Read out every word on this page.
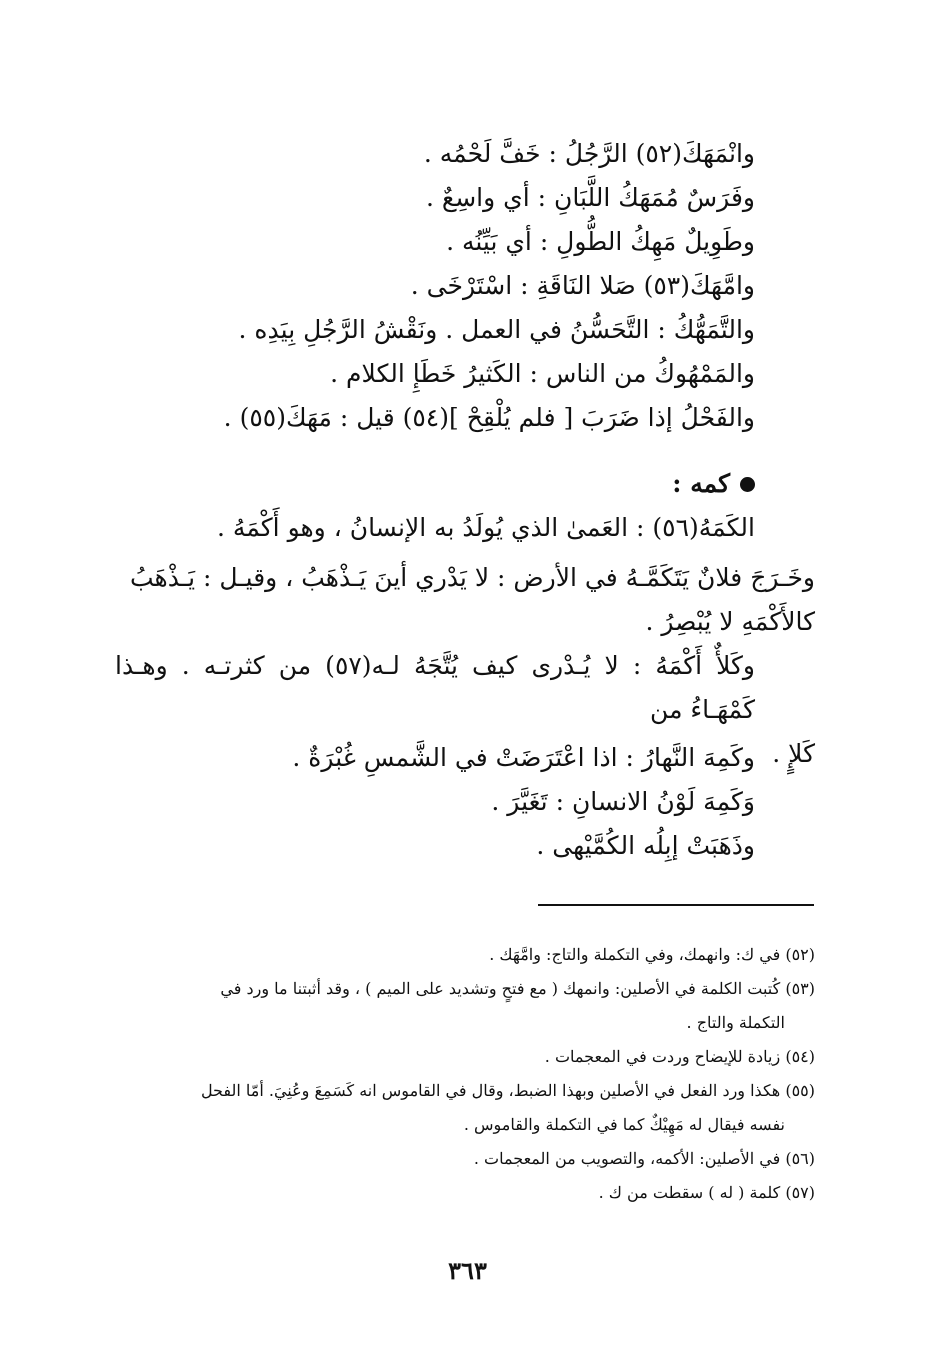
وانْمَهَكَ(٥٢) الرَّجُلُ : خَفَّ لَحْمُه .
وفَرَسٌ مُمَهَكُ اللَّبَانِ : أي واسِعٌ .
وطَوِيلٌ مَهِكُ الطُّولِ : أي بَيِّنُه .
وامَّهَكَ(٥٣) صَلا النَاقَةِ : اسْتَرْخَى .
والتَّمَهُّكُ : التَّحَسُّنُ في العمل . ونَقْشُ الرَّجُلِ بِيَدِه .
والمَمْهُوكُ من الناس : الكَثيرُ خَطَإِ الكلام .
والفَحْلُ إذا ضَرَبَ [ فلم يُلْقِحْ ](٥٤) قيل : مَهَكَ(٥٥) .
كمه :
الكَمَهُ(٥٦) : العَمىٰ الذي يُولَدُ به الإنسانُ ، وهو أَكْمَهُ .
وخَـرَجَ فلانٌ يَتَكَمَّـهُ في الأرض : لا يَدْري أينَ يَـذْهَبُ ، وقيـل : يَـذْهَبُ
كالأَكْمَهِ لا يُبْصِرُ .
وكَلأٌ أَكْمَهُ : لا يُـدْرى كيف يُتَّجَهُ لـه(٥٧) من كثرتـه . وهـذا كَمْهَـاءُ من
كَلإٍ .
وكَمِهَ النَّهارُ : اذا اعْتَرَضَتْ في الشَّمسِ غُبْرَةٌ .
وَكَمِهَ لَوْنُ الانسانِ : تَغَيَّرَ .
وذَهَبَتْ إبِلُه الكُمَّيْهى .
(٥٢) في ك: وانهمك، وفي التكملة والتاج: وامَّهَك .
(٥٣) كُتبت الكلمة في الأصلين: وانمهك ( مع فتحٍ وتشديد على الميم ) ، وقد أثبتنا ما ورد في
التكملة والتاج .
(٥٤) زيادة للإيضاح وردت في المعجمات .
(٥٥) هكذا ورد الفعل في الأصلين وبهذا الضبط، وقال في القاموس انه كَسَمِعَ وعُنِيَ. أمّا الفحل
نفسه فيقال له مَهِيْكٌ كما في التكملة والقاموس .
(٥٦) في الأصلين: الأكمه، والتصويب من المعجمات .
(٥٧) كلمة ( له ) سقطت من ك .
٣٦٣
